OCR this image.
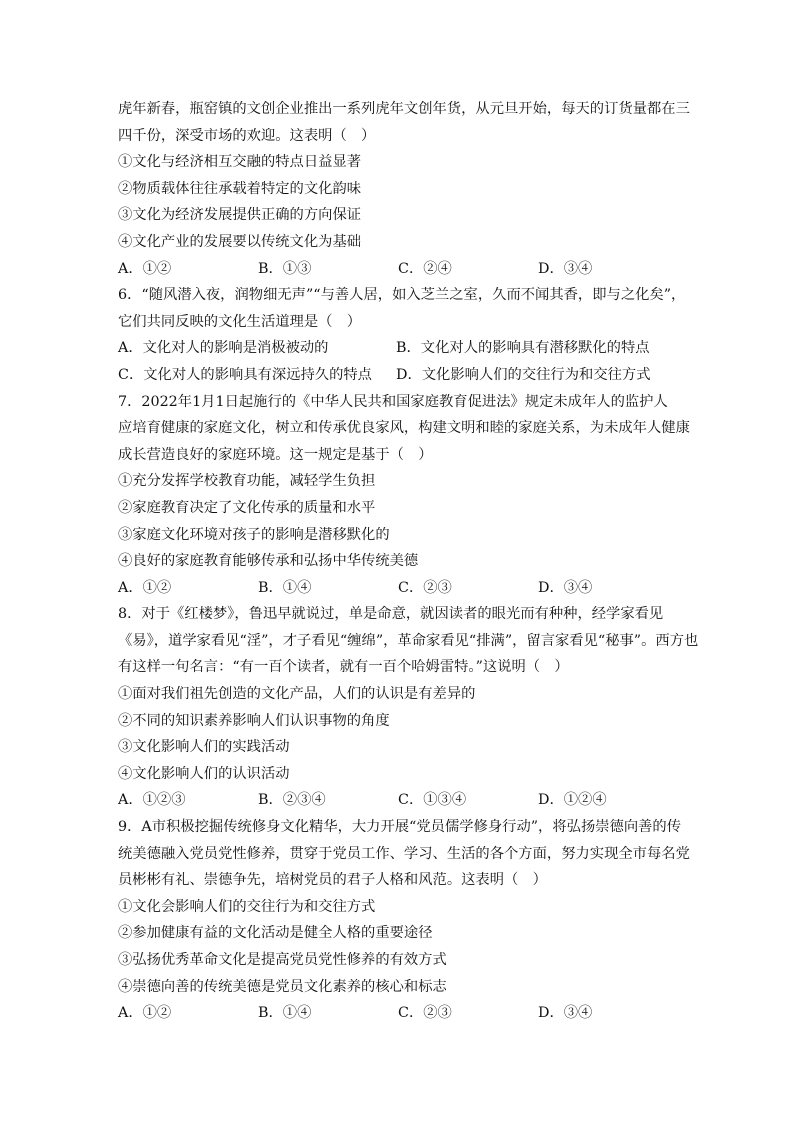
虎年新春，瓶窑镇的文创企业推出一系列虎年文创年货，从元旦开始，每天的订货量都在三
四千份，深受市场的欢迎。这表明（　）
①文化与经济相互交融的特点日益显著
②物质载体往往承载着特定的文化韵味
③文化为经济发展提供正确的方向保证
④文化产业的发展要以传统文化为基础
A．①②	B．①③	C．②④	D．③④
6．“随风潜入夜，润物细无声”“与善人居，如入芝兰之室，久而不闻其香，即与之化矣”，
它们共同反映的文化生活道理是（　）
A．文化对人的影响是消极被动的	B．文化对人的影响具有潜移默化的特点
C．文化对人的影响具有深远持久的特点	D．文化影响人们的交往行为和交往方式
7．2022年1月1日起施行的《中华人民共和国家庭教育促进法》规定未成年人的监护人
应培育健康的家庭文化，树立和传承优良家风，构建文明和睦的家庭关系，为未成年人健康
成长营造良好的家庭环境。这一规定是基于（　）
①充分发挥学校教育功能，减轻学生负担
②家庭教育决定了文化传承的质量和水平
③家庭文化环境对孩子的影响是潜移默化的
④良好的家庭教育能够传承和弘扬中华传统美德
A．①②	B．①④	C．②③	D．③④
8．对于《红楼梦》，鲁迅早就说过，单是命意，就因读者的眼光而有种种，经学家看见
《易》，道学家看见“淫”，才子看见“缠绵”，革命家看见“排满”，留言家看见“秘事”。西方也
有这样一句名言：“有一百个读者，就有一百个哈姆雷特。”这说明（　）
①面对我们祖先创造的文化产品，人们的认识是有差异的
②不同的知识素养影响人们认识事物的角度
③文化影响人们的实践活动
④文化影响人们的认识活动
A．①②③	B．②③④	C．①③④	D．①②④
9．A市积极挖掘传统修身文化精华，大力开展“党员儒学修身行动”，将弘扬崇德向善的传
统美德融入党员党性修养，贯穿于党员工作、学习、生活的各个方面，努力实现全市每名党
员彬彬有礼、崇德争先，培树党员的君子人格和风范。这表明（　）
①文化会影响人们的交往行为和交往方式
②参加健康有益的文化活动是健全人格的重要途径
③弘扬优秀革命文化是提高党员党性修养的有效方式
④崇德向善的传统美德是党员文化素养的核心和标志
A．①②	B．①④	C．②③	D．③④
